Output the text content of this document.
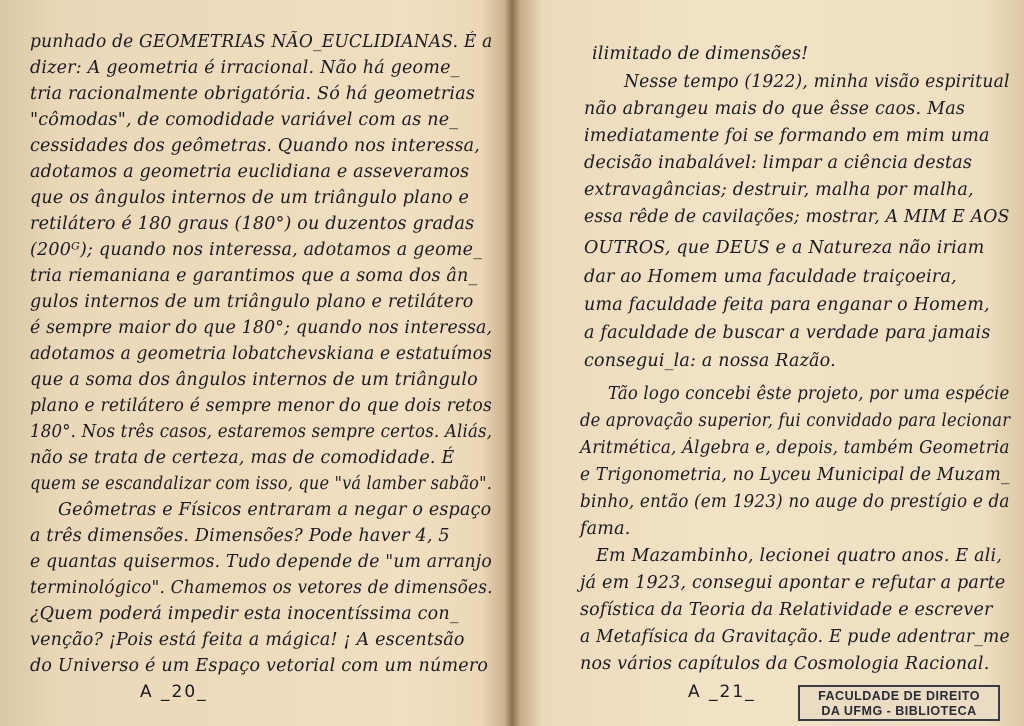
punhado de GEOMETRIAS NÃO_EUCLIDIANAS. É a
dizer: A geometria é irracional. Não há geome_
tria racionalmente obrigatória. Só há geometrias
"cômodas", de comodidade variável com as ne_
cessidades dos geômetras. Quando nos interessa,
adotamos a geometria euclidiana e asseveramos
que os ângulos internos de um triângulo plano e
retilátero é 180 graus (180°) ou duzentos gradas
(200ᴳ); quando nos interessa, adotamos a geome_
tria riemaniana e garantimos que a soma dos ân_
gulos internos de um triângulo plano e retilátero
é sempre maior do que 180°; quando nos interessa,
adotamos a geometria lobatchevskiana e estatuímos
que a soma dos ângulos internos de um triângulo
plano e retilátero é sempre menor do que dois retos
180°. Nos três casos, estaremos sempre certos. Aliás,
não se trata de certeza, mas de comodidade. É
quem se escandalizar com isso, que "vá lamber sabão".
Geômetras e Físicos entraram a negar o espaço
a três dimensões. Dimensões? Pode haver 4, 5
e quantas quisermos. Tudo depende de "um arranjo
terminológico". Chamemos os vetores de dimensões.
¿Quem poderá impedir esta inocentíssima con_
venção? ¡Pois está feita a mágica! ¡ A escentsão
do Universo é um Espaço vetorial com um número
A _20_
ilimitado de dimensões!
Nesse tempo (1922), minha visão espiritual
não abrangeu mais do que êsse caos. Mas
imediatamente foi se formando em mim uma
decisão inabalável: limpar a ciência destas
extravagâncias; destruir, malha por malha,
essa rêde de cavilações; mostrar, A MIM E AOS
OUTROS, que DEUS e a Natureza não iriam
dar ao Homem uma faculdade traiçoeira,
uma faculdade feita para enganar o Homem,
a faculdade de buscar a verdade para jamais
consegui_la: a nossa Razão.
Tão logo concebi êste projeto, por uma espécie
de aprovação superior, fui convidado para lecionar
Aritmética, Álgebra e, depois, também Geometria
e Trigonometria, no Lyceu Municipal de Muzam_
binho, então (em 1923) no auge do prestígio e da
fama.
Em Mazambinho, lecionei quatro anos. E ali,
já em 1923, consegui apontar e refutar a parte
sofística da Teoria da Relatividade e escrever
a Metafísica da Gravitação. E pude adentrar_me
nos vários capítulos da Cosmologia Racional.
A _21_	FACULDADE DE DIREITO
DA UFMG - BIBLIOTECA
